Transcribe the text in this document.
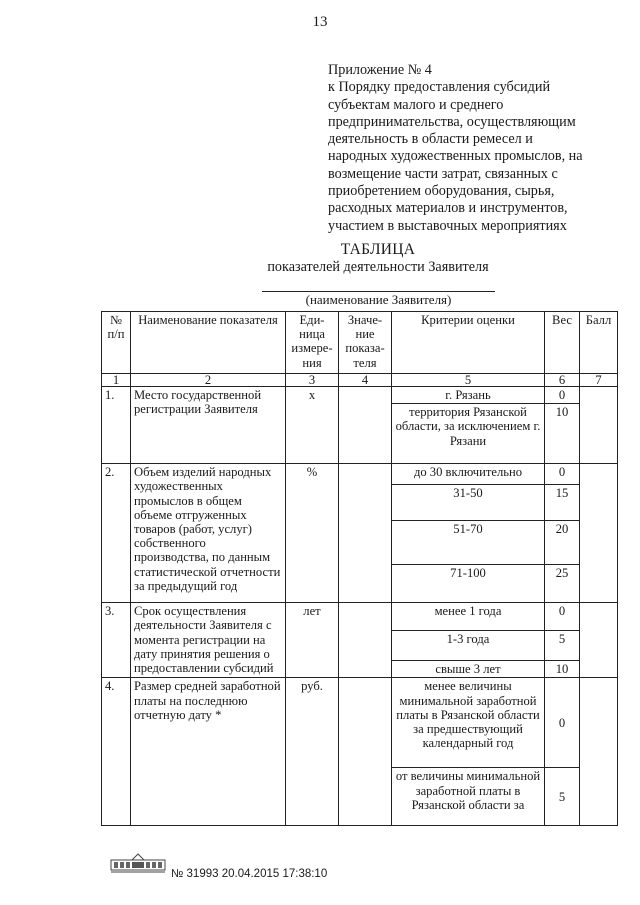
13
Приложение № 4
к Порядку предоставления субсидий
субъектам малого и среднего
предпринимательства, осуществляющим
деятельность в области ремесел и
народных художественных промыслов, на
возмещение части затрат, связанных с
приобретением оборудования, сырья,
расходных материалов и инструментов,
участием в выставочных мероприятиях
ТАБЛИЦА
показателей деятельности Заявителя
(наименование Заявителя)
№ п/п	Наименование показателя	Еди-ница измере-ния	Значе-ние показа-теля	Критерии оценки	Вес	Балл
1	2	3	4	5	6	7
1.	Место государственной регистрации Заявителя	х		г. Рязань	0	
				территория Рязанской области, за исключением г. Рязани	10	
2.	Объем изделий народных художественных промыслов в общем объеме отгруженных товаров (работ, услуг) собственного производства, по данным статистической отчетности за предыдущий год	%		до 30 включительно	0	
				31-50	15	
				51-70	20	
				71-100	25	
3.	Срок осуществления деятельности Заявителя с момента регистрации на дату принятия решения о предоставлении субсидий	лет		менее 1 года	0	
				1-3 года	5	
				свыше 3 лет	10	
4.	Размер средней заработной платы на последнюю отчетную дату *	руб.		менее величины минимальной заработной платы в Рязанской области за предшествующий календарный год	0	
				от величины минимальной заработной платы в Рязанской области за	5	
№ 31993 20.04.2015 17:38:10
